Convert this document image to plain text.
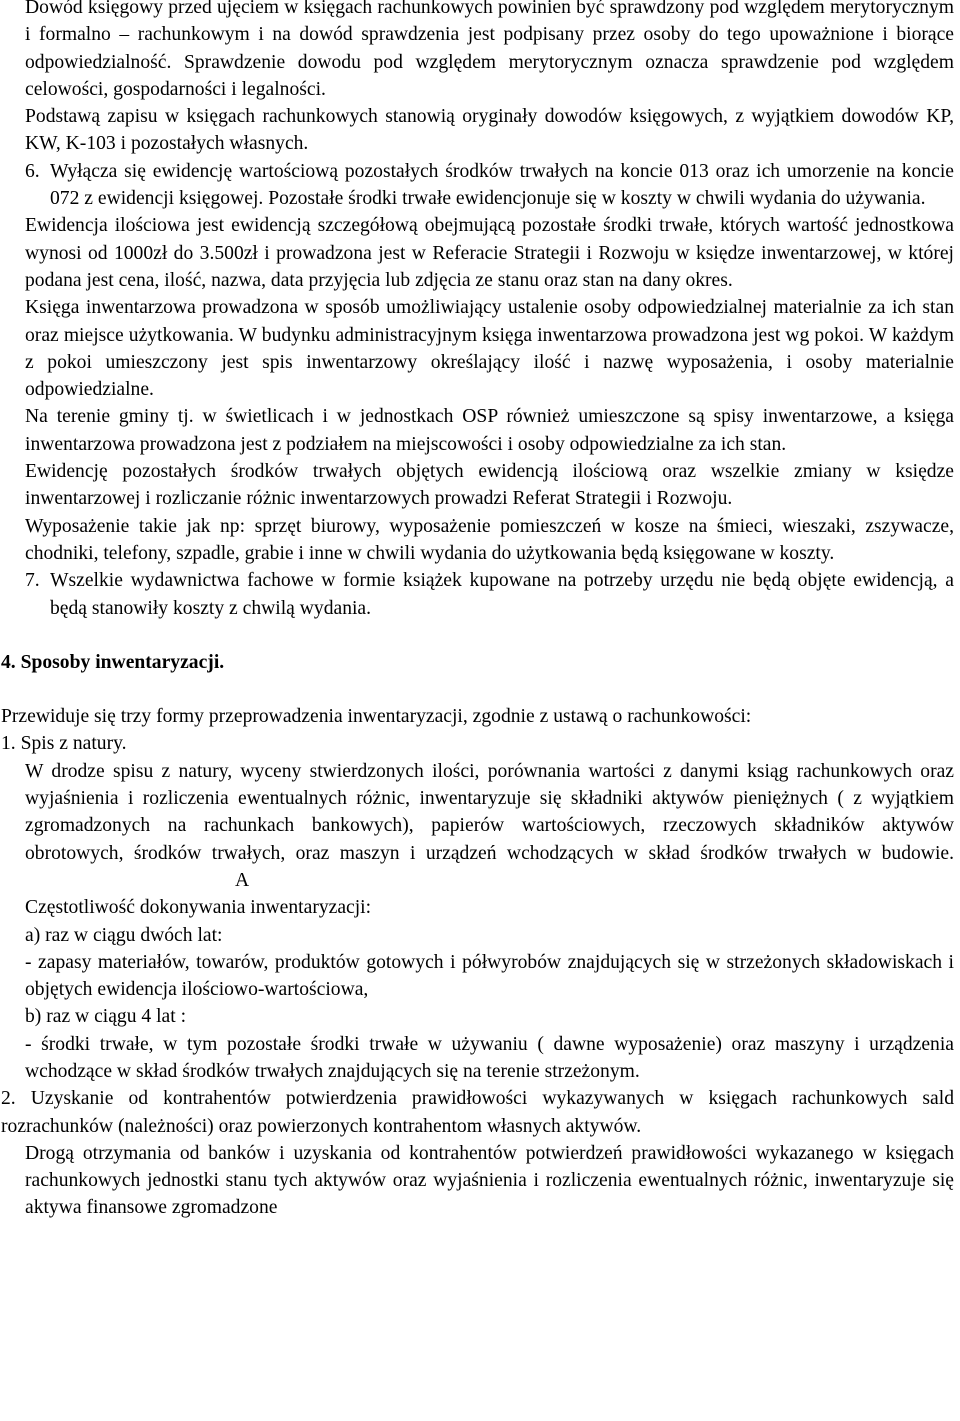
Dowód księgowy przed ujęciem w księgach rachunkowych powinien być sprawdzony pod względem merytorycznym i formalno – rachunkowym i na dowód sprawdzenia jest podpisany przez osoby do tego upoważnione i biorące odpowiedzialność. Sprawdzenie dowodu pod względem merytorycznym oznacza sprawdzenie pod względem celowości, gospodarności i legalności.

Podstawą zapisu w księgach rachunkowych stanowią oryginały dowodów księgowych, z wyjątkiem dowodów KP, KW, K-103 i pozostałych własnych.

6. Wyłącza się ewidencję wartościową pozostałych środków trwałych na koncie 013 oraz ich umorzenie na koncie 072 z ewidencji księgowej. Pozostałe środki trwałe ewidencjonuje się w koszty w chwili wydania do używania.

Ewidencja ilościowa jest ewidencją szczegółową obejmującą pozostałe środki trwałe, których wartość jednostkowa wynosi od 1000zł do 3.500zł i prowadzona jest w Referacie Strategii i Rozwoju w księdze inwentarzowej, w której podana jest cena, ilość, nazwa, data przyjęcia lub zdjęcia ze stanu oraz stan na dany okres.

Księga inwentarzowa prowadzona w sposób umożliwiający ustalenie osoby odpowiedzialnej materialnie za ich stan oraz miejsce użytkowania. W budynku administracyjnym księga inwentarzowa prowadzona jest wg pokoi. W każdym z pokoi umieszczony jest spis inwentarzowy określający ilość i nazwę wyposażenia, i osoby materialnie odpowiedzialne.

Na terenie gminy tj. w świetlicach i w jednostkach OSP również umieszczone są spisy inwentarzowe, a księga inwentarzowa prowadzona jest z podziałem na miejscowości i osoby odpowiedzialne za ich stan.

Ewidencję pozostałych środków trwałych objętych ewidencją ilościową oraz wszelkie zmiany w księdze inwentarzowej i rozliczanie różnic inwentarzowych prowadzi Referat Strategii i Rozwoju.

Wyposażenie takie jak np: sprzęt biurowy, wyposażenie pomieszczeń w kosze na śmieci, wieszaki, zszywacze, chodniki, telefony, szpadle, grabie i inne w chwili wydania do użytkowania będą księgowane w koszty.

7. Wszelkie wydawnictwa fachowe w formie książek kupowane na potrzeby urzędu nie będą objęte ewidencją, a będą stanowiły koszty z chwilą wydania.

4. Sposoby inwentaryzacji.

Przewiduje się trzy formy przeprowadzenia inwentaryzacji, zgodnie z ustawą o rachunkowości:

1. Spis z natury.

W drodze spisu z natury, wyceny stwierdzonych ilości, porównania wartości z danymi ksiąg rachunkowych oraz wyjaśnienia i rozliczenia ewentualnych różnic, inwentaryzuje się składniki aktywów pieniężnych ( z wyjątkiem zgromadzonych na rachunkach bankowych), papierów wartościowych, rzeczowych składników aktywów obrotowych, środków trwałych, oraz maszyn i urządzeń wchodzących w skład środków trwałych w budowie.A

Częstotliwość dokonywania inwentaryzacji:

a) raz w ciągu dwóch lat:

- zapasy materiałów, towarów, produktów gotowych i półwyrobów znajdujących się w strzeżonych składowiskach i objętych ewidencja ilościowo-wartościowa,

b) raz w ciągu 4 lat :

- środki trwałe, w tym pozostałe środki trwałe w używaniu ( dawne wyposażenie) oraz maszyny i urządzenia wchodzące w skład środków trwałych znajdujących się na terenie strzeżonym.

2. Uzyskanie od kontrahentów potwierdzenia prawidłowości wykazywanych w księgach rachunkowych sald rozrachunków (należności) oraz powierzonych kontrahentom własnych aktywów.

Drogą otrzymania od banków i uzyskania od kontrahentów potwierdzeń prawidłowości wykazanego w księgach rachunkowych jednostki stanu tych aktywów oraz wyjaśnienia i rozliczenia ewentualnych różnic, inwentaryzuje się aktywa finansowe zgromadzone
